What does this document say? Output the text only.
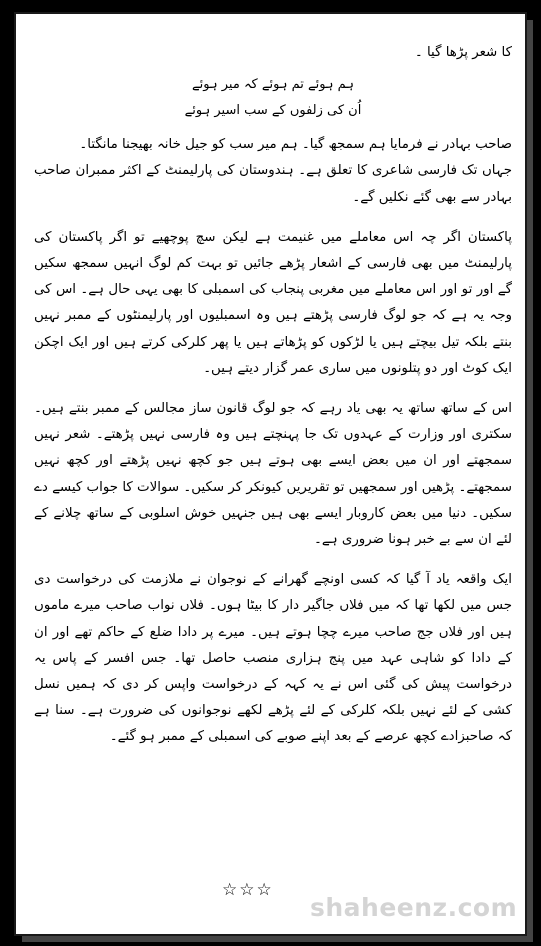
کا شعر پڑھا گیا ۔

ہم ہوئے تم ہوئے کہ میر ہوئے
اُن کی زلفوں کے سب اسیر ہوئے

صاحب بہادر نے فرمایا ہم سمجھ گیا۔ ہم میر سب کو جیل خانہ بھیجنا مانگتا۔

جہاں تک فارسی شاعری کا تعلق ہے۔ ہندوستان کی پارلیمنٹ کے اکثر ممبران صاحب بہادر سے بھی گئے نکلیں گے۔

پاکستان اگر چہ اس معاملے میں غنیمت ہے لیکن سچ پوچھیے تو اگر پاکستان کی پارلیمنٹ میں بھی فارسی کے اشعار پڑھے جائیں تو بہت کم لوگ انہیں سمجھ سکیں گے اور تو اور اس معاملے میں مغربی پنجاب کی اسمبلی کا بھی یہی حال ہے۔ اس کی وجہ یہ ہے کہ جو لوگ فارسی پڑھتے ہیں وہ اسمبلیوں اور پارلیمنٹوں کے ممبر نہیں بنتے بلکہ تیل بیچتے ہیں یا لڑکوں کو پڑھاتے ہیں یا پھر کلرکی کرتے ہیں اور ایک اچکن ایک کوٹ اور دو پتلونوں میں ساری عمر گزار دیتے ہیں۔

اس کے ساتھ ساتھ یہ بھی یاد رہے کہ جو لوگ قانون ساز مجالس کے ممبر بنتے ہیں۔ سکتری اور وزارت کے عہدوں تک جا پہنچتے ہیں وہ فارسی نہیں پڑھتے۔ شعر نہیں سمجھتے اور ان میں بعض ایسے بھی ہوتے ہیں جو کچھ نہیں پڑھتے اور کچھ نہیں سمجھتے۔ پڑھیں اور سمجھیں تو تقریریں کیونکر کر سکیں۔ سوالات کا جواب کیسے دے سکیں۔ دنیا میں بعض کاروبار ایسے بھی ہیں جنہیں خوش اسلوبی کے ساتھ چلانے کے لئے ان سے بے خبر ہونا ضروری ہے۔

ایک واقعہ یاد آ گیا کہ کسی اونچے گھرانے کے نوجوان نے ملازمت کی درخواست دی جس میں لکھا تھا کہ میں فلاں جاگیر دار کا بیٹا ہوں۔ فلاں نواب صاحب میرے ماموں ہیں اور فلاں جج صاحب میرے چچا ہوتے ہیں۔ میرے پر دادا ضلع کے حاکم تھے اور ان کے دادا کو شاہی عہد میں پنج ہزاری منصب حاصل تھا۔ جس افسر کے پاس یہ درخواست پیش کی گئی اس نے یہ کہہ کے درخواست واپس کر دی کہ ہمیں نسل کشی کے لئے نہیں بلکہ کلرکی کے لئے پڑھے لکھے نوجوانوں کی ضرورت ہے۔ سنا ہے کہ صاحبزادے کچھ عرصے کے بعد اپنے صوبے کی اسمبلی کے ممبر ہو گئے۔

☆☆☆
shaheenz.com
